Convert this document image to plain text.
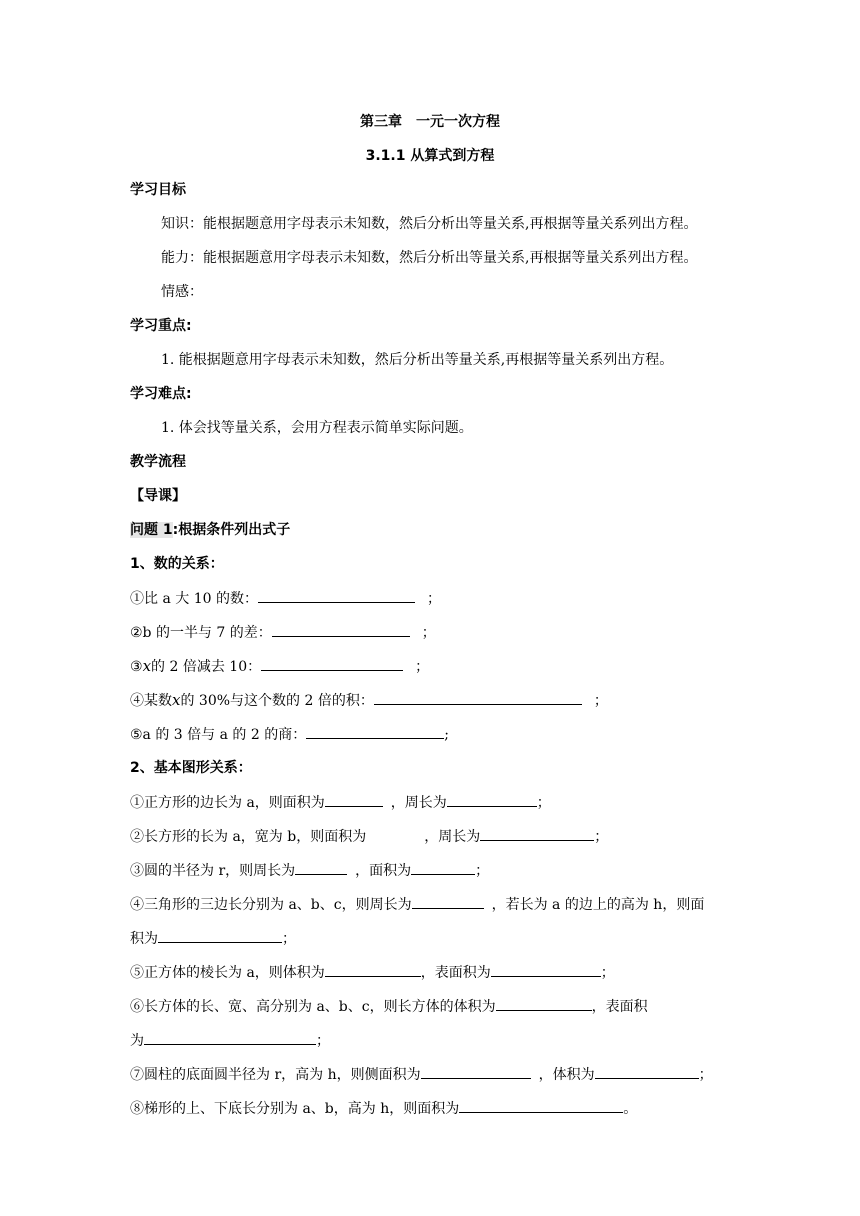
第三章　一元一次方程
3.1.1 从算式到方程
学习目标
知识：能根据题意用字母表示未知数，然后分析出等量关系,再根据等量关系列出方程。
能力：能根据题意用字母表示未知数，然后分析出等量关系,再根据等量关系列出方程。
情感：
学习重点:
1. 能根据题意用字母表示未知数，然后分析出等量关系,再根据等量关系列出方程。
学习难点:
1. 体会找等量关系，会用方程表示简单实际问题。
教学流程
【导课】
问题 1:根据条件列出式子
1、数的关系：
①比 a 大 10 的数：	；
②b 的一半与 7 的差：	；
③x的 2 倍减去 10：	；
④某数x的 30%与这个数的 2 倍的积：	；
⑤a 的 3 倍与 a 的 2 的商：	;
2、基本图形关系：
①正方形的边长为 a，则面积为	，周长为	；
②长方形的长为 a，宽为 b，则面积为	，周长为	；
③圆的半径为 r，则周长为	，面积为	；
④三角形的三边长分别为 a、b、c，则周长为	，若长为 a 的边上的高为 h，则面
积为	；
⑤正方体的棱长为 a，则体积为	，表面积为	；
⑥长方体的长、宽、高分别为 a、b、c，则长方体的体积为	，表面积
为	；
⑦圆柱的底面圆半径为 r，高为 h，则侧面积为	，体积为	；
⑧梯形的上、下底长分别为 a、b，高为 h，则面积为	。
